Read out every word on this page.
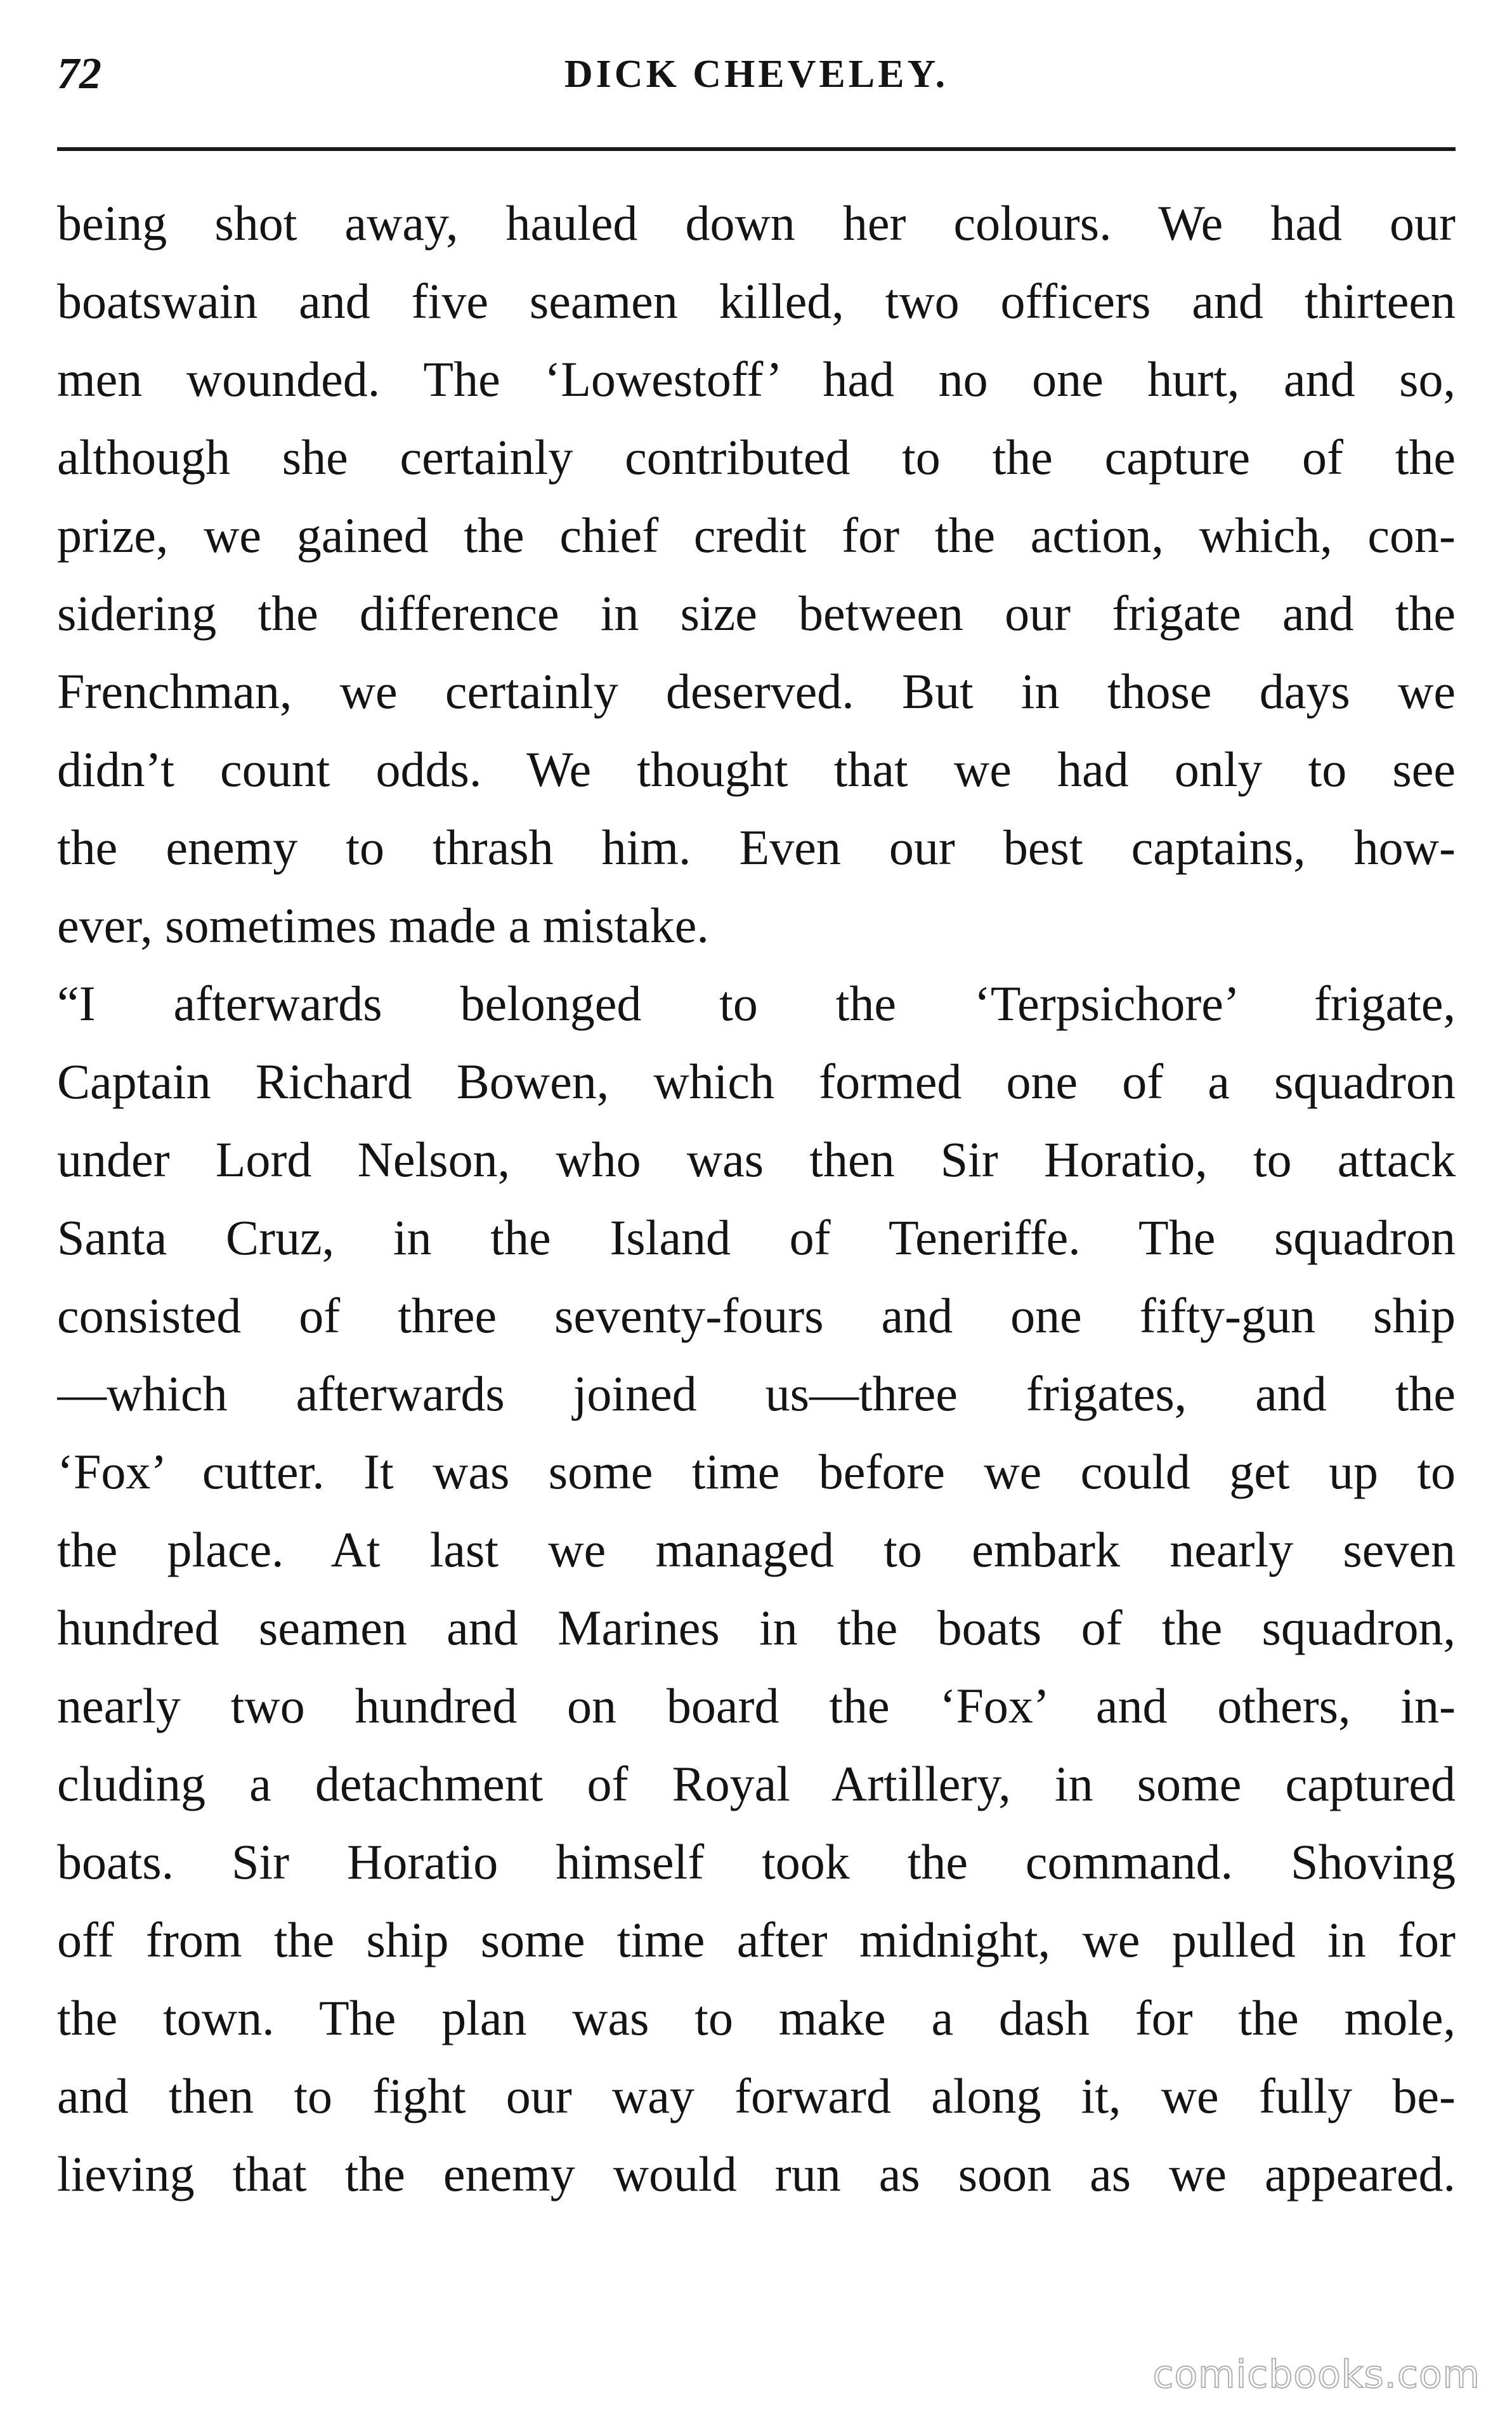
72	DICK CHEVELEY.
being shot away, hauled down her colours. We had our
boatswain and five seamen killed, two officers and thirteen
men wounded. The ‘Lowestoff’ had no one hurt, and so,
although she certainly contributed to the capture of the
prize, we gained the chief credit for the action, which, con-
sidering the difference in size between our frigate and the
Frenchman, we certainly deserved. But in those days we
didn’t count odds. We thought that we had only to see
the enemy to thrash him. Even our best captains, how-
ever, sometimes made a mistake.
“I afterwards belonged to the ‘Terpsichore’ frigate,
Captain Richard Bowen, which formed one of a squadron
under Lord Nelson, who was then Sir Horatio, to attack
Santa Cruz, in the Island of Teneriffe. The squadron
consisted of three seventy-fours and one fifty-gun ship
—which afterwards joined us—three frigates, and the
‘Fox’ cutter. It was some time before we could get up to
the place. At last we managed to embark nearly seven
hundred seamen and Marines in the boats of the squadron,
nearly two hundred on board the ‘Fox’ and others, in-
cluding a detachment of Royal Artillery, in some captured
boats. Sir Horatio himself took the command. Shoving
off from the ship some time after midnight, we pulled in for
the town. The plan was to make a dash for the mole,
and then to fight our way forward along it, we fully be-
lieving that the enemy would run as soon as we appeared.
comicbooks.com
